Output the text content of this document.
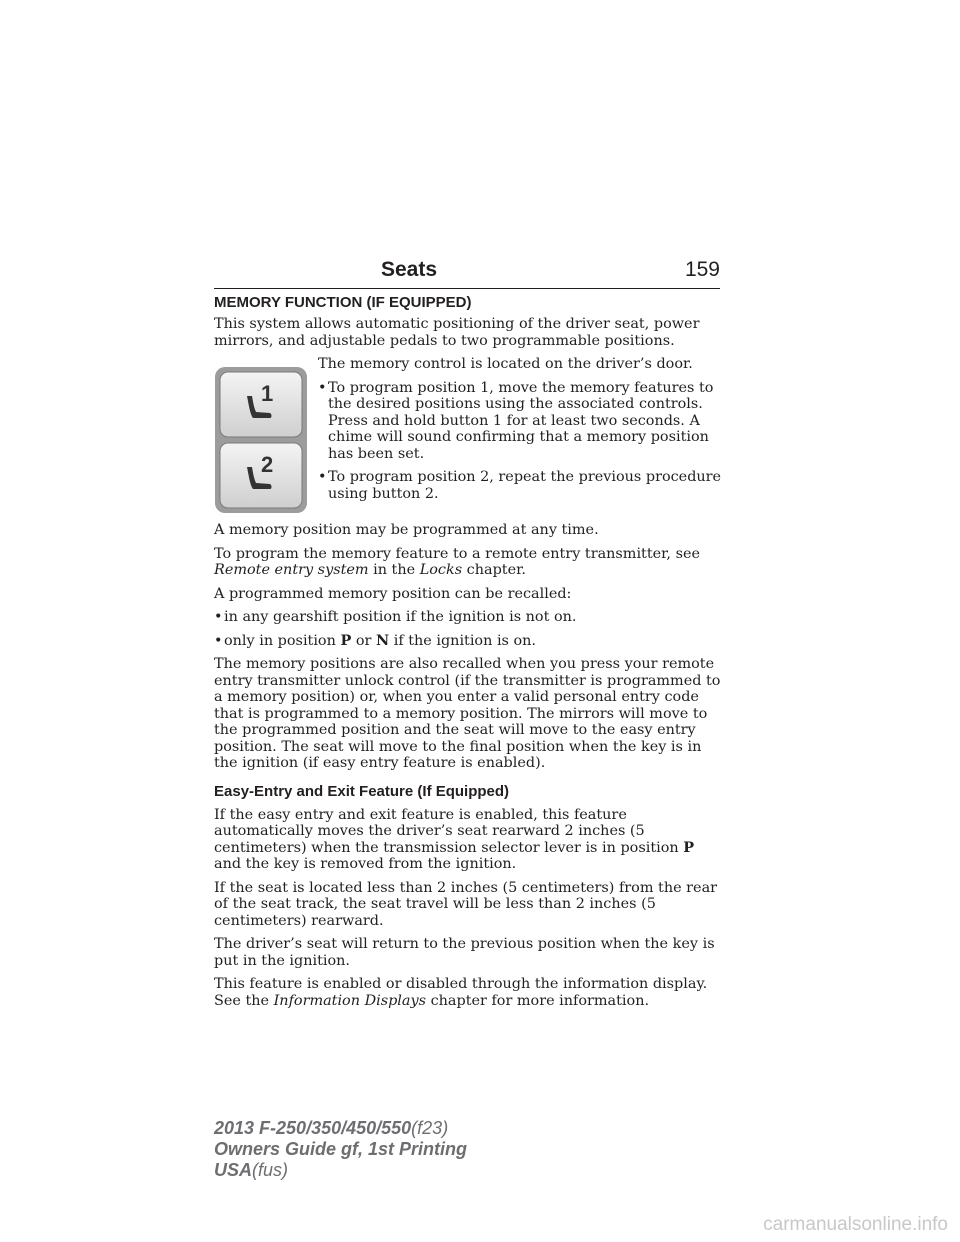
Seats	159
MEMORY FUNCTION (IF EQUIPPED)

This system allows automatic positioning of the driver seat, power mirrors, and adjustable pedals to two programmable positions.

1
2

The memory control is located on the driver’s door.

• To program position 1, move the memory features to the desired positions using the associated controls. Press and hold button 1 for at least two seconds. A chime will sound confirming that a memory position has been set.
• To program position 2, repeat the previous procedure using button 2.

A memory position may be programmed at any time.

To program the memory feature to a remote entry transmitter, see
Remote entry system in the Locks chapter.

A programmed memory position can be recalled:

• in any gearshift position if the ignition is not on.
• only in position P or N if the ignition is on.

The memory positions are also recalled when you press your remote entry transmitter unlock control (if the transmitter is programmed to a memory position) or, when you enter a valid personal entry code that is programmed to a memory position. The mirrors will move to the programmed position and the seat will move to the easy entry position. The seat will move to the final position when the key is in the ignition (if easy entry feature is enabled).

Easy-Entry and Exit Feature (If Equipped)

If the easy entry and exit feature is enabled, this feature automatically moves the driver’s seat rearward 2 inches (5 centimeters) when the transmission selector lever is in position P and the key is removed from the ignition.

If the seat is located less than 2 inches (5 centimeters) from the rear of the seat track, the seat travel will be less than 2 inches (5 centimeters) rearward.

The driver’s seat will return to the previous position when the key is put in the ignition.

This feature is enabled or disabled through the information display. See the Information Displays chapter for more information.

2013 F-250/350/450/550(f23)
Owners Guide gf, 1st Printing
USA(fus)
carmanualsonline.info
